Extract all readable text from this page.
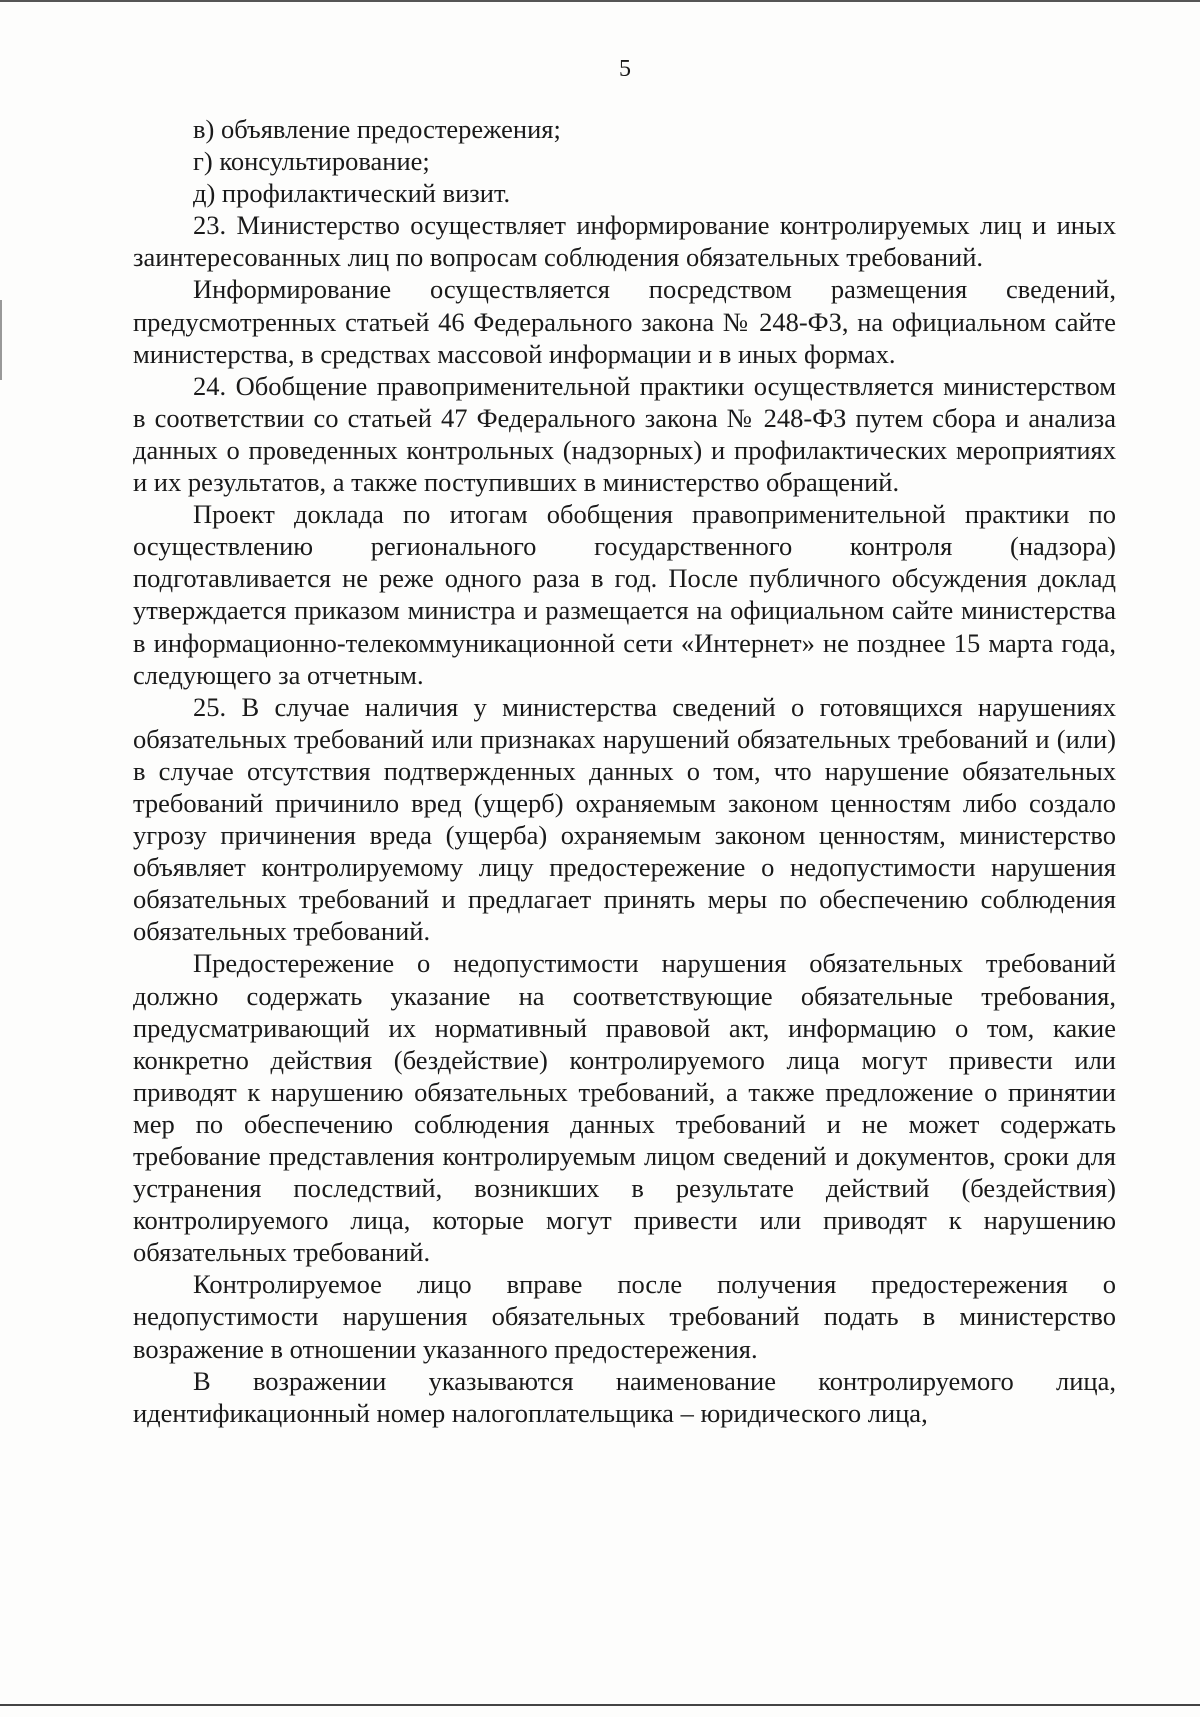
5

в) объявление предостережения;

г) консультирование;

д) профилактический визит.

23. Министерство осуществляет информирование контролируемых лиц и иных заинтересованных лиц по вопросам соблюдения обязательных требований.

Информирование осуществляется посредством размещения сведений, предусмотренных статьей 46 Федерального закона № 248-ФЗ, на официальном сайте министерства, в средствах массовой информации и в иных формах.

24. Обобщение правоприменительной практики осуществляется министерством в соответствии со статьей 47 Федерального закона № 248-ФЗ путем сбора и анализа данных о проведенных контрольных (надзорных) и профилактических мероприятиях и их результатов, а также поступивших в министерство обращений.

Проект доклада по итогам обобщения правоприменительной практики по осуществлению регионального государственного контроля (надзора) подготавливается не реже одного раза в год. После публичного обсуждения доклад утверждается приказом министра и размещается на официальном сайте министерства в информационно-телекоммуникационной сети «Интернет» не позднее 15 марта года, следующего за отчетным.

25. В случае наличия у министерства сведений о готовящихся нарушениях обязательных требований или признаках нарушений обязательных требований и (или) в случае отсутствия подтвержденных данных о том, что нарушение обязательных требований причинило вред (ущерб) охраняемым законом ценностям либо создало угрозу причинения вреда (ущерба) охраняемым законом ценностям, министерство объявляет контролируемому лицу предостережение о недопустимости нарушения обязательных требований и предлагает принять меры по обеспечению соблюдения обязательных требований.

Предостережение о недопустимости нарушения обязательных требований должно содержать указание на соответствующие обязательные требования, предусматривающий их нормативный правовой акт, информацию о том, какие конкретно действия (бездействие) контролируемого лица могут привести или приводят к нарушению обязательных требований, а также предложение о принятии мер по обеспечению соблюдения данных требований и не может содержать требование представления контролируемым лицом сведений и документов, сроки для устранения последствий, возникших в результате действий (бездействия) контролируемого лица, которые могут привести или приводят к нарушению обязательных требований.

Контролируемое лицо вправе после получения предостережения о недопустимости нарушения обязательных требований подать в министерство возражение в отношении указанного предостережения.

В возражении указываются наименование контролируемого лица, идентификационный номер налогоплательщика – юридического лица,
